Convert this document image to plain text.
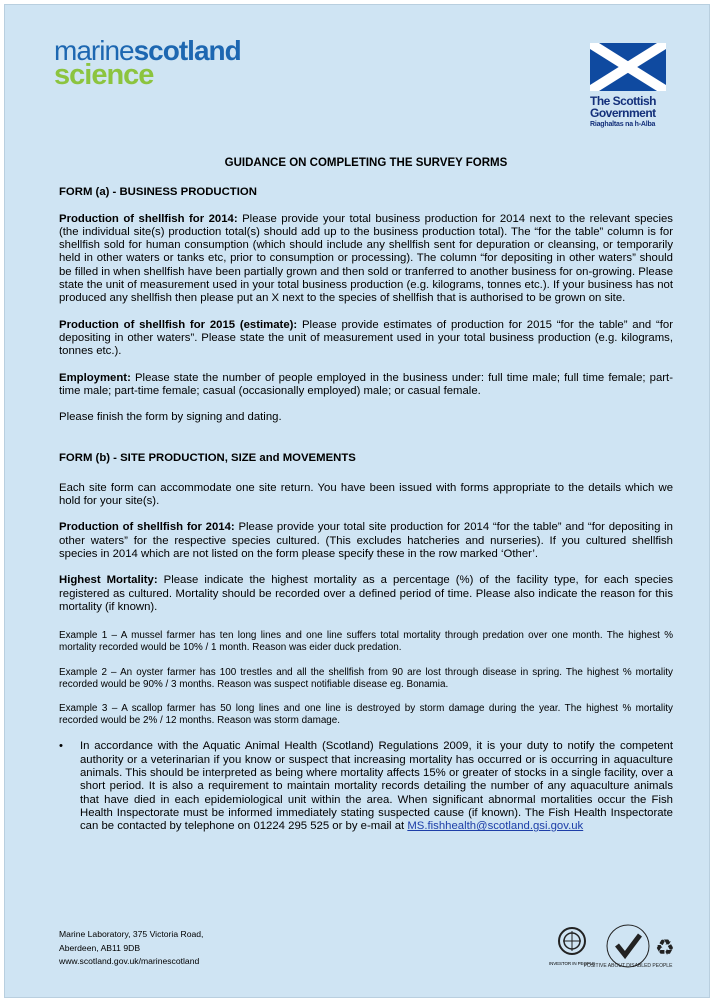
marinescotland
science
The Scottish Government
Riaghaltas na h-Alba
GUIDANCE ON COMPLETING THE SURVEY FORMS
FORM (a) - BUSINESS PRODUCTION

Production of shellfish for 2014: Please provide your total business production for 2014 next to the relevant species (the individual site(s) production total(s) should add up to the business production total). The “for the table” column is for shellfish sold for human consumption (which should include any shellfish sent for depuration or cleansing, or temporarily held in other waters or tanks etc, prior to consumption or processing). The column “for depositing in other waters” should be filled in when shellfish have been partially grown and then sold or tranferred to another business for on-growing. Please state the unit of measurement used in your total business production (e.g. kilograms, tonnes etc.). If your business has not produced any shellfish then please put an X next to the species of shellfish that is authorised to be grown on site.

Production of shellfish for 2015 (estimate): Please provide estimates of production for 2015 “for the table” and “for depositing in other waters”. Please state the unit of measurement used in your total business production (e.g. kilograms, tonnes etc.).

Employment: Please state the number of people employed in the business under: full time male; full time female; part-time male; part-time female; casual (occasionally employed) male; or casual female.

Please finish the form by signing and dating.

FORM (b) - SITE PRODUCTION, SIZE and MOVEMENTS

Each site form can accommodate one site return. You have been issued with forms appropriate to the details which we hold for your site(s).

Production of shellfish for 2014: Please provide your total site production for 2014 “for the table” and “for depositing in other waters” for the respective species cultured. (This excludes hatcheries and nurseries). If you cultured shellfish species in 2014 which are not listed on the form please specify these in the row marked ‘Other’.

Highest Mortality: Please indicate the highest mortality as a percentage (%) of the facility type, for each species registered as cultured. Mortality should be recorded over a defined period of time. Please also indicate the reason for this mortality (if known).

Example 1 – A mussel farmer has ten long lines and one line suffers total mortality through predation over one month. The highest % mortality recorded would be 10% / 1 month. Reason was eider duck predation.
Example 2 – An oyster farmer has 100 trestles and all the shellfish from 90 are lost through disease in spring. The highest % mortality recorded would be 90% / 3 months. Reason was suspect notifiable disease eg. Bonamia.
Example 3 – A scallop farmer has 50 long lines and one line is destroyed by storm damage during the year. The highest % mortality recorded would be 2% / 12 months. Reason was storm damage.
• In accordance with the Aquatic Animal Health (Scotland) Regulations 2009, it is your duty to notify the competent authority or a veterinarian if you know or suspect that increasing mortality has occurred or is occurring in aquaculture animals. This should be interpreted as being where mortality affects 15% or greater of stocks in a single facility, over a short period. It is also a requirement to maintain mortality records detailing the number of any aquaculture animals that have died in each epidemiological unit within the area. When significant abnormal mortalities occur the Fish Health Inspectorate must be informed immediately stating suspected cause (if known). The Fish Health Inspectorate can be contacted by telephone on 01224 295 525 or by e-mail at MS.fishhealth@scotland.gsi.gov.uk
Marine Laboratory, 375 Victoria Road,
Aberdeen, AB11 9DB
www.scotland.gov.uk/marinescotland	INVESTOR IN PEOPLE
POSITIVE ABOUT DISABLED PEOPLE
♻
